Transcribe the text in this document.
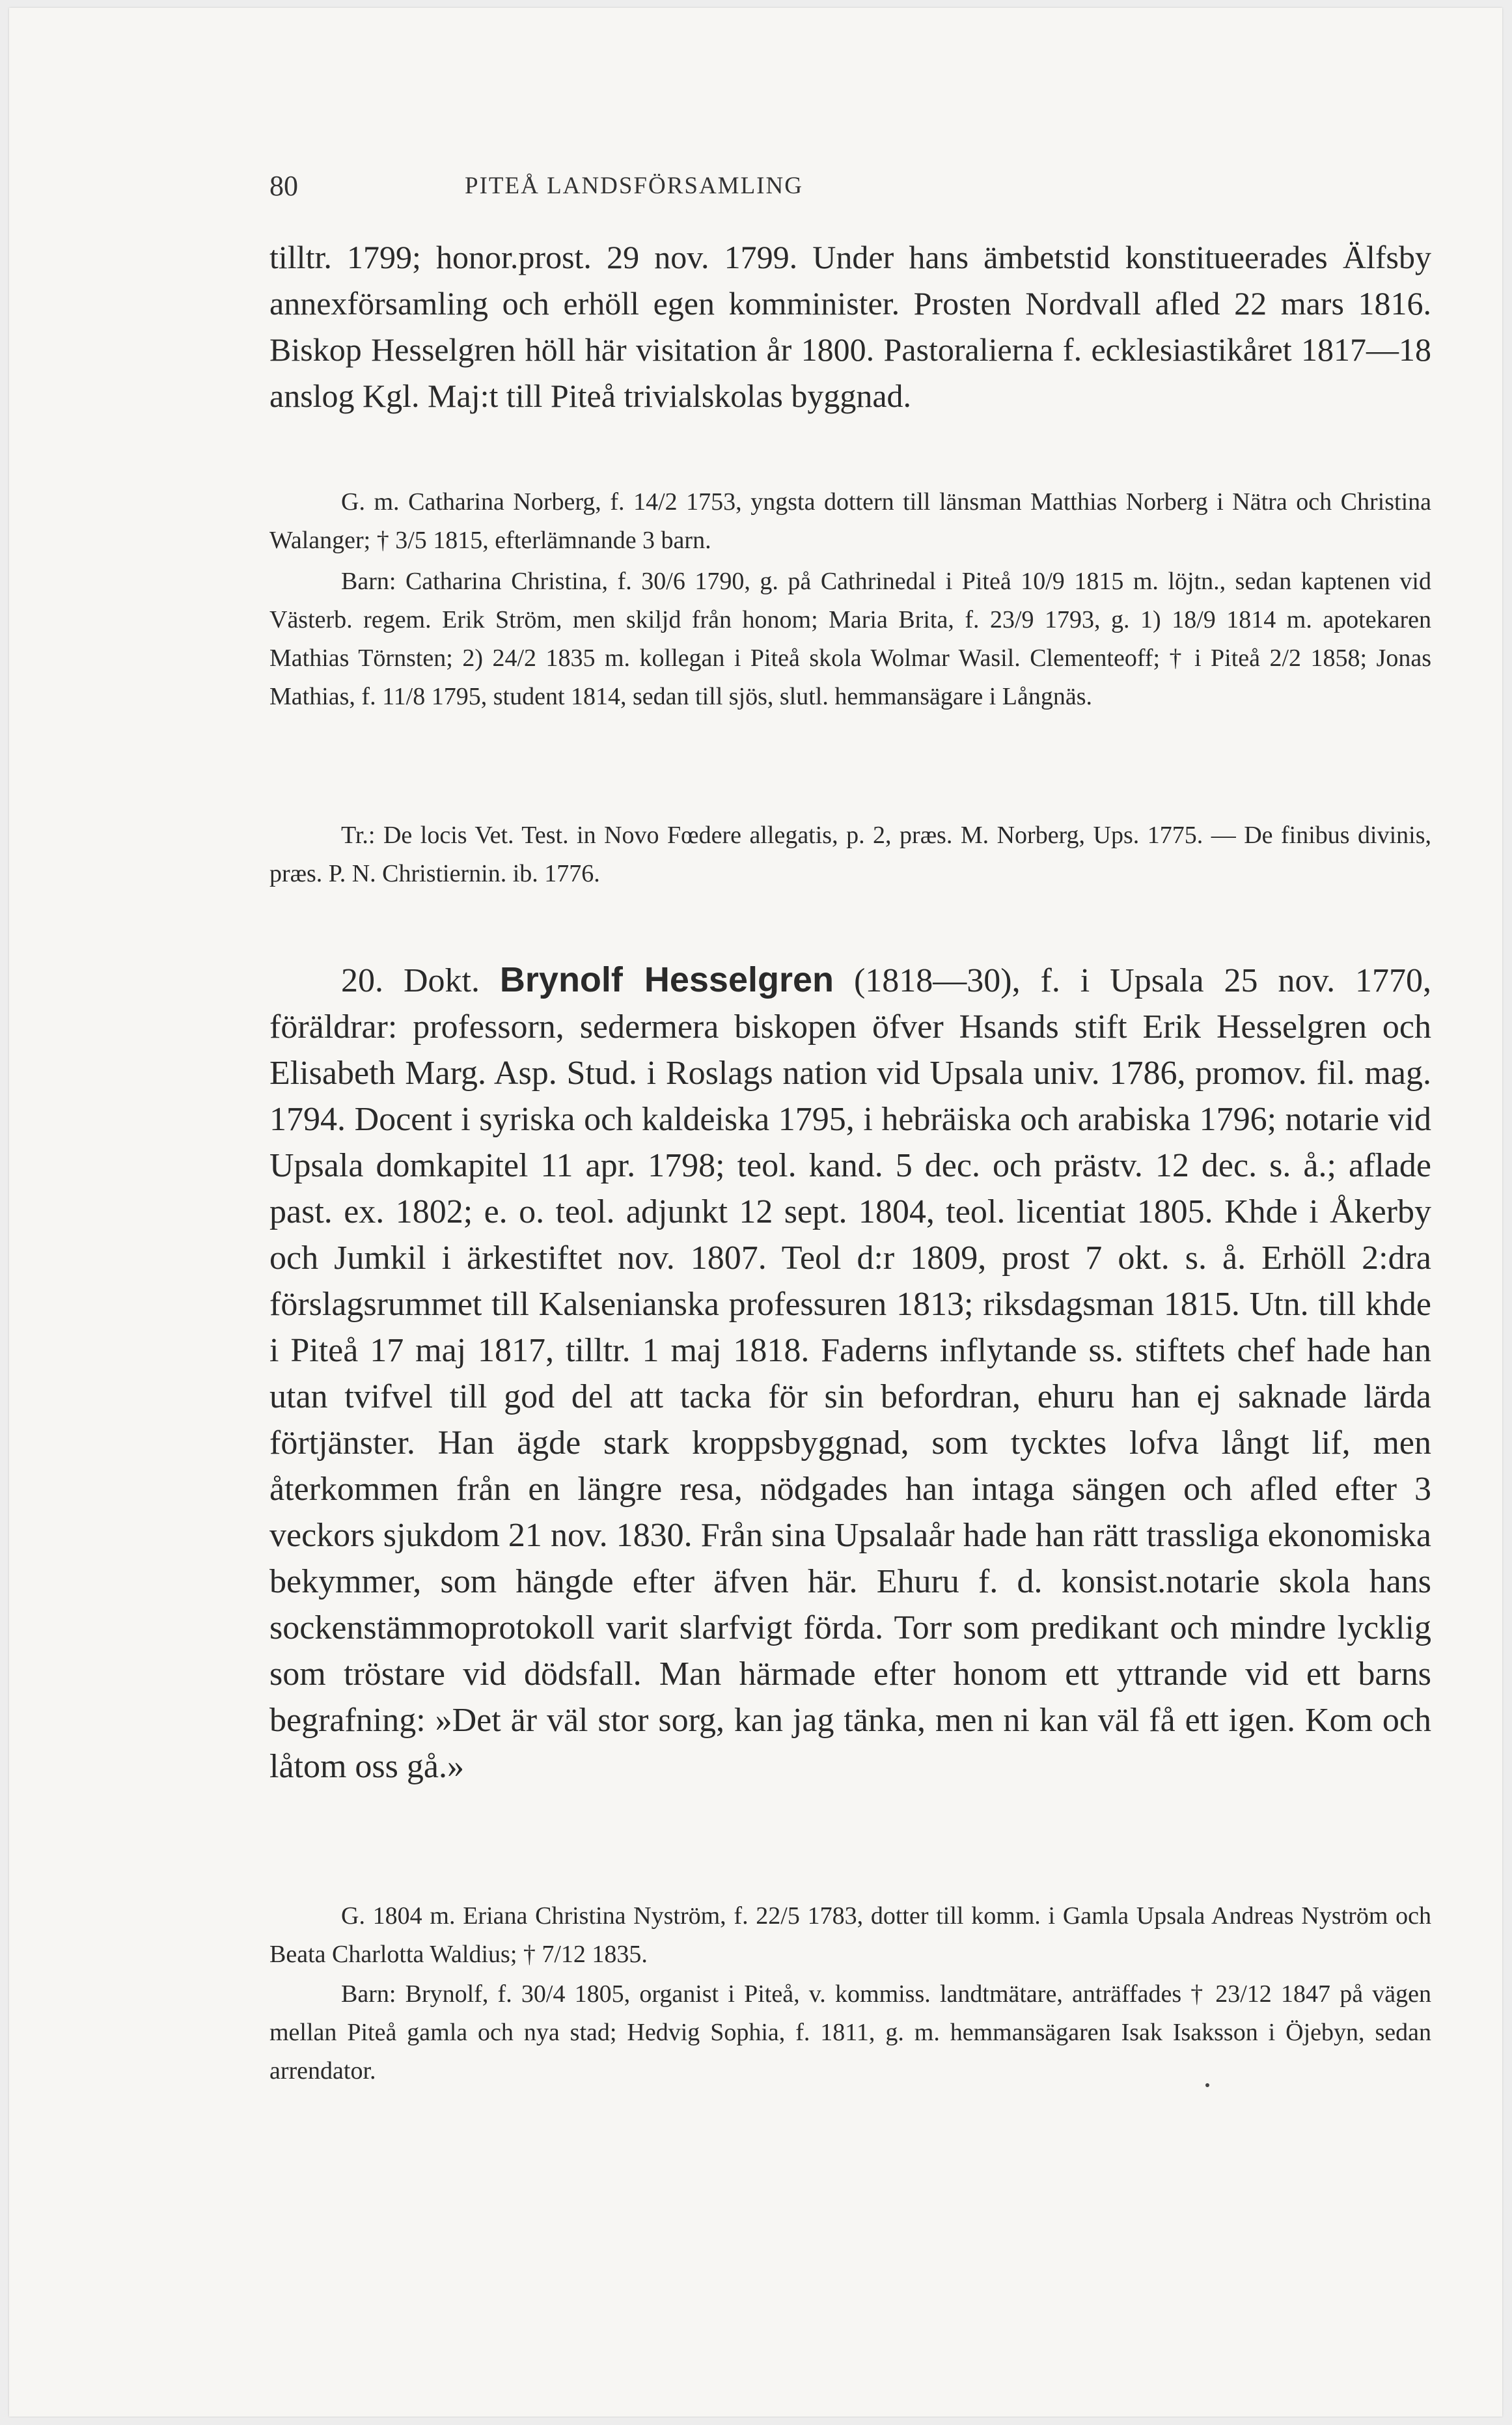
80	PITEÅ LANDSFÖRSAMLING

tilltr. 1799; honor.prost. 29 nov. 1799. Under hans ämbetstid konstitueerades Älfsby annexförsamling och erhöll egen komminister. Prosten Nordvall afled 22 mars 1816. Biskop Hesselgren höll här visitation år 1800. Pastoralierna f. ecklesiastikåret 1817—18 anslog Kgl. Maj:t till Piteå trivialskolas byggnad.

G. m. Catharina Norberg, f. 14/2 1753, yngsta dottern till länsman Matthias Norberg i Nätra och Christina Walanger; † 3/5 1815, efterlämnande 3 barn.

Barn: Catharina Christina, f. 30/6 1790, g. på Cathrinedal i Piteå 10/9 1815 m. löjtn., sedan kaptenen vid Västerb. regem. Erik Ström, men skiljd från honom; Maria Brita, f. 23/9 1793, g. 1) 18/9 1814 m. apotekaren Mathias Törnsten; 2) 24/2 1835 m. kollegan i Piteå skola Wolmar Wasil. Clementeoff; † i Piteå 2/2 1858; Jonas Mathias, f. 11/8 1795, student 1814, sedan till sjös, slutl. hemmansägare i Långnäs.

Tr.: De locis Vet. Test. in Novo Fœdere allegatis, p. 2, præs. M. Norberg, Ups. 1775. — De finibus divinis, præs. P. N. Christiernin. ib. 1776.

20. Dokt. Brynolf Hesselgren (1818—30), f. i Upsala 25 nov. 1770, föräldrar: professorn, sedermera biskopen öfver Hsands stift Erik Hesselgren och Elisabeth Marg. Asp. Stud. i Roslags nation vid Upsala univ. 1786, promov. fil. mag. 1794. Docent i syriska och kaldeiska 1795, i hebräiska och arabiska 1796; notarie vid Upsala domkapitel 11 apr. 1798; teol. kand. 5 dec. och prästv. 12 dec. s. å.; aflade past. ex. 1802; e. o. teol. adjunkt 12 sept. 1804, teol. licentiat 1805. Khde i Åkerby och Jumkil i ärkestiftet nov. 1807. Teol d:r 1809, prost 7 okt. s. å. Erhöll 2:dra förslagsrummet till Kalsenianska professuren 1813; riksdagsman 1815. Utn. till khde i Piteå 17 maj 1817, tilltr. 1 maj 1818. Faderns inflytande ss. stiftets chef hade han utan tvifvel till god del att tacka för sin befordran, ehuru han ej saknade lärda förtjänster. Han ägde stark kroppsbyggnad, som tycktes lofva långt lif, men återkommen från en längre resa, nödgades han intaga sängen och afled efter 3 veckors sjukdom 21 nov. 1830. Från sina Upsalaår hade han rätt trassliga ekonomiska bekymmer, som hängde efter äfven här. Ehuru f. d. konsist.notarie skola hans sockenstämmoprotokoll varit slarfvigt förda. Torr som predikant och mindre lycklig som tröstare vid dödsfall. Man härmade efter honom ett yttrande vid ett barns begrafning: »Det är väl stor sorg, kan jag tänka, men ni kan väl få ett igen. Kom och låtom oss gå.»

G. 1804 m. Eriana Christina Nyström, f. 22/5 1783, dotter till komm. i Gamla Upsala Andreas Nyström och Beata Charlotta Waldius; † 7/12 1835.

Barn: Brynolf, f. 30/4 1805, organist i Piteå, v. kommiss. landtmätare, anträffades † 23/12 1847 på vägen mellan Piteå gamla och nya stad; Hedvig Sophia, f. 1811, g. m. hemmansägaren Isak Isaksson i Öjebyn, sedan arrendator.
